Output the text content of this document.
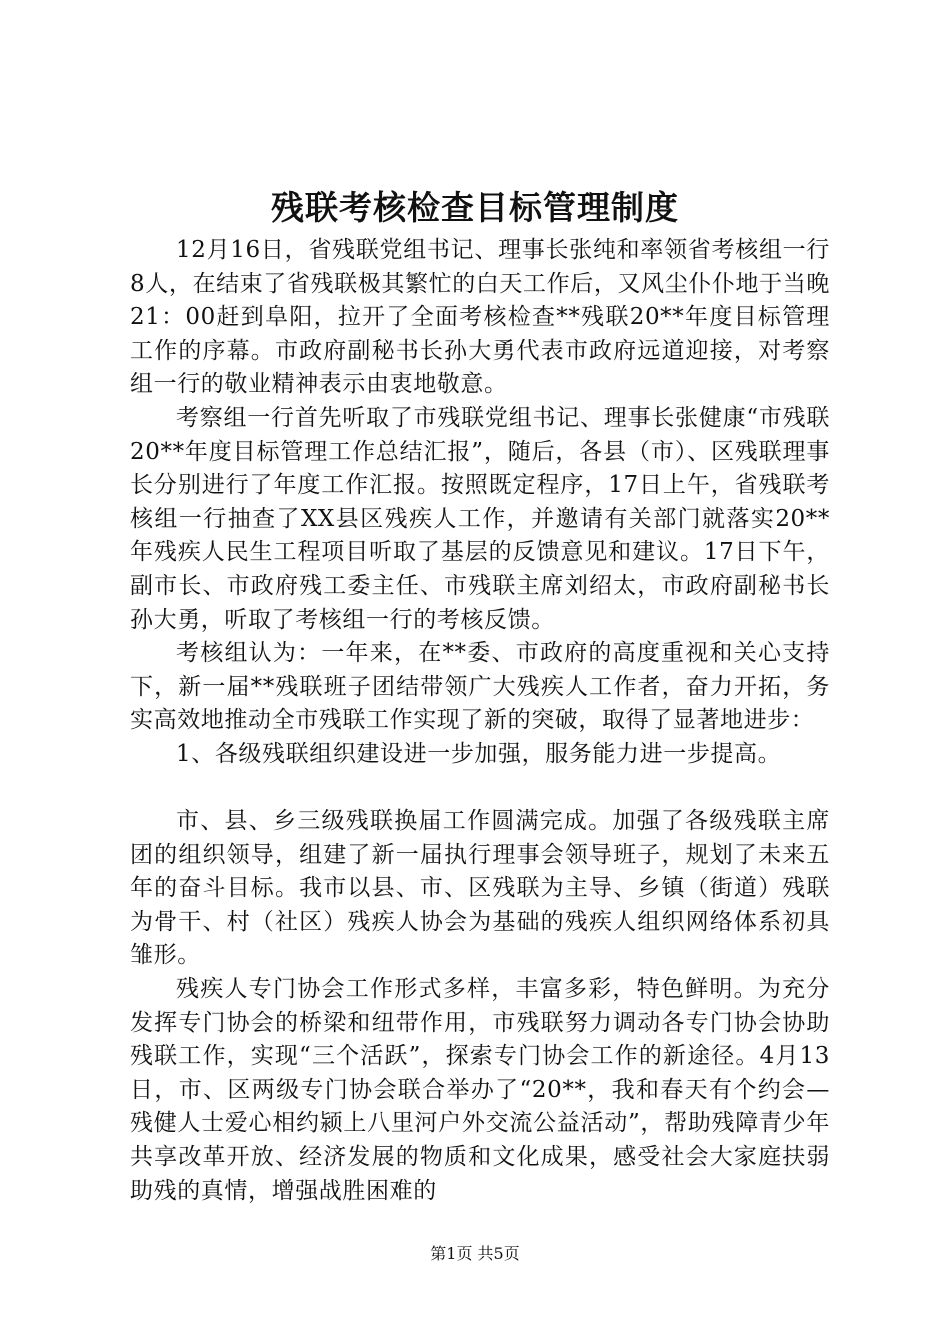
残联考核检查目标管理制度

12月16日，省残联党组书记、理事长张纯和率领省考核组一行8人，在结束了省残联极其繁忙的白天工作后，又风尘仆仆地于当晚21：00赶到阜阳，拉开了全面考核检查**残联20**年度目标管理工作的序幕。市政府副秘书长孙大勇代表市政府远道迎接，对考察组一行的敬业精神表示由衷地敬意。

考察组一行首先听取了市残联党组书记、理事长张健康“市残联20**年度目标管理工作总结汇报”，随后，各县（市）、区残联理事长分别进行了年度工作汇报。按照既定程序，17日上午，省残联考核组一行抽查了XX县区残疾人工作，并邀请有关部门就落实20**年残疾人民生工程项目听取了基层的反馈意见和建议。17日下午，副市长、市政府残工委主任、市残联主席刘绍太，市政府副秘书长孙大勇，听取了考核组一行的考核反馈。

考核组认为：一年来，在**委、市政府的高度重视和关心支持下，新一届**残联班子团结带领广大残疾人工作者，奋力开拓，务实高效地推动全市残联工作实现了新的突破，取得了显著地进步：

1、各级残联组织建设进一步加强，服务能力进一步提高。

市、县、乡三级残联换届工作圆满完成。加强了各级残联主席团的组织领导，组建了新一届执行理事会领导班子，规划了未来五年的奋斗目标。我市以县、市、区残联为主导、乡镇（街道）残联为骨干、村（社区）残疾人协会为基础的残疾人组织网络体系初具雏形。

残疾人专门协会工作形式多样，丰富多彩，特色鲜明。为充分发挥专门协会的桥梁和纽带作用，市残联努力调动各专门协会协助残联工作，实现“三个活跃”，探索专门协会工作的新途径。4月13日，市、区两级专门协会联合举办了“20**，我和春天有个约会—残健人士爱心相约颍上八里河户外交流公益活动”，帮助残障青少年共享改革开放、经济发展的物质和文化成果，感受社会大家庭扶弱助残的真情，增强战胜困难的

第1页 共5页
